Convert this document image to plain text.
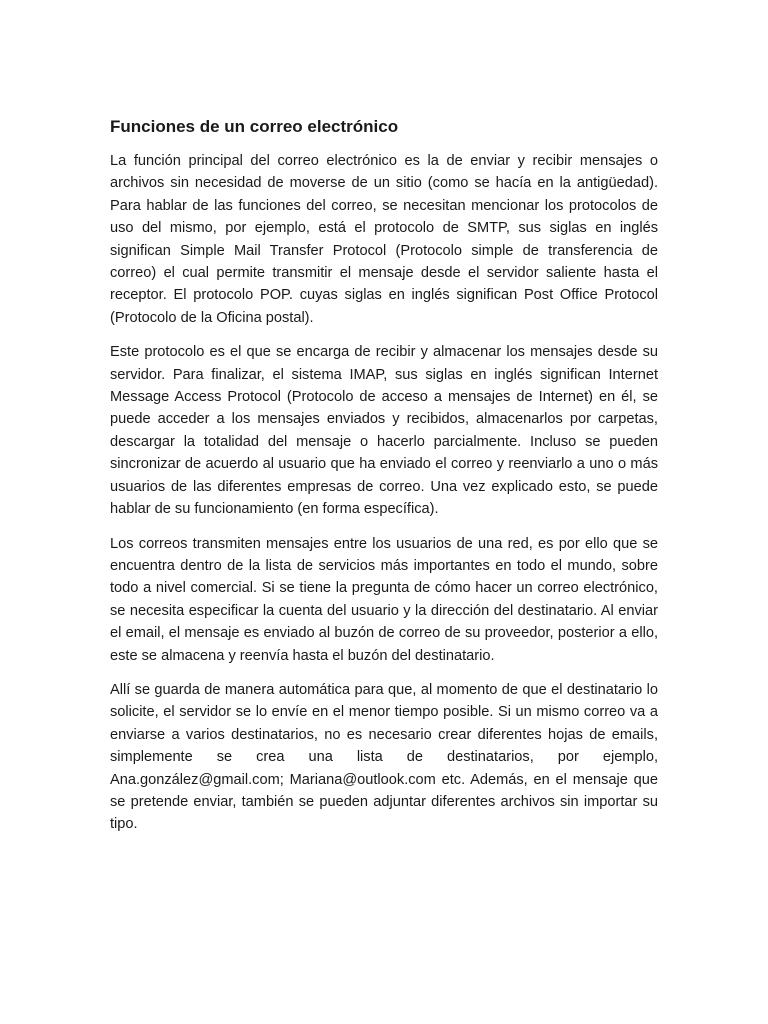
Funciones de un correo electrónico

La función principal del correo electrónico es la de enviar y recibir mensajes o archivos sin necesidad de moverse de un sitio (como se hacía en la antigüedad). Para hablar de las funciones del correo, se necesitan mencionar los protocolos de uso del mismo, por ejemplo, está el protocolo de SMTP, sus siglas en inglés significan Simple Mail Transfer Protocol (Protocolo simple de transferencia de correo) el cual permite transmitir el mensaje desde el servidor saliente hasta el receptor. El protocolo POP. cuyas siglas en inglés significan Post Office Protocol (Protocolo de la Oficina postal).

Este protocolo es el que se encarga de recibir y almacenar los mensajes desde su servidor. Para finalizar, el sistema IMAP, sus siglas en inglés significan Internet Message Access Protocol (Protocolo de acceso a mensajes de Internet) en él, se puede acceder a los mensajes enviados y recibidos, almacenarlos por carpetas, descargar la totalidad del mensaje o hacerlo parcialmente. Incluso se pueden sincronizar de acuerdo al usuario que ha enviado el correo y reenviarlo a uno o más usuarios de las diferentes empresas de correo. Una vez explicado esto, se puede hablar de su funcionamiento (en forma específica).

Los correos transmiten mensajes entre los usuarios de una red, es por ello que se encuentra dentro de la lista de servicios más importantes en todo el mundo, sobre todo a nivel comercial. Si se tiene la pregunta de cómo hacer un correo electrónico, se necesita especificar la cuenta del usuario y la dirección del destinatario. Al enviar el email, el mensaje es enviado al buzón de correo de su proveedor, posterior a ello, este se almacena y reenvía hasta el buzón del destinatario.

Allí se guarda de manera automática para que, al momento de que el destinatario lo solicite, el servidor se lo envíe en el menor tiempo posible. Si un mismo correo va a enviarse a varios destinatarios, no es necesario crear diferentes hojas de emails, simplemente se crea una lista de destinatarios, por ejemplo, Ana.gonzález@gmail.com; Mariana@outlook.com etc. Además, en el mensaje que se pretende enviar, también se pueden adjuntar diferentes archivos sin importar su tipo.
